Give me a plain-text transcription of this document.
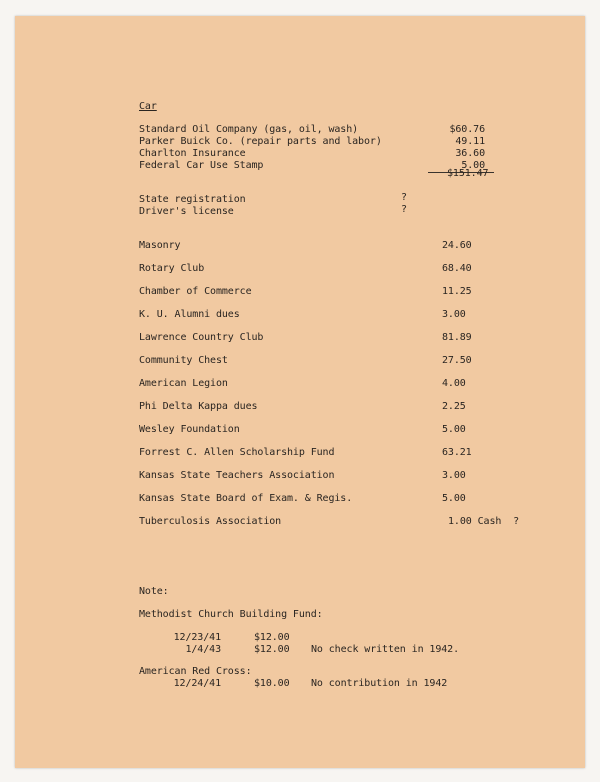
Car
Standard Oil Company (gas, oil, wash)	$60.76
Parker Buick Co. (repair parts and labor)	49.11
Charlton Insurance	36.60
Federal Car Use Stamp	5.00
$151.47
State registration	?
Driver's license	?
Masonry	24.60
Rotary Club	68.40
Chamber of Commerce	11.25
K. U. Alumni dues	3.00
Lawrence Country Club	81.89
Community Chest	27.50
American Legion	4.00
Phi Delta Kappa dues	2.25
Wesley Foundation	5.00
Forrest C. Allen Scholarship Fund	63.21
Kansas State Teachers Association	3.00
Kansas State Board of Exam. & Regis.	5.00
Tuberculosis Association	1.00 Cash  ?
Note:
Methodist Church Building Fund:
12/23/41	$12.00
1/4/43	$12.00 No check written in 1942.
American Red Cross:
12/24/41	$10.00 No contribution in 1942
